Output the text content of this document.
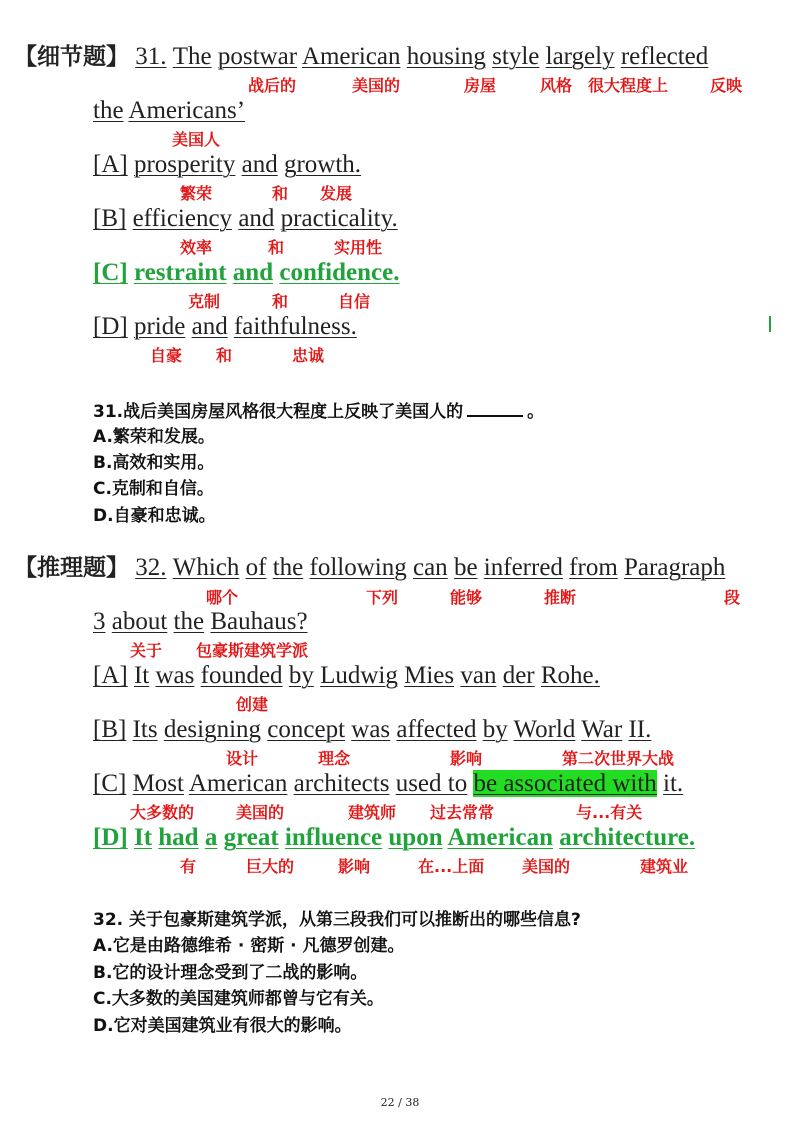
【细节题】 31. The postwar American housing style largely reflected
战后的	美国的	房屋	风格 很大程度上	反映
the Americans’
美国人
[A] prosperity and growth.
繁荣	和 发展
[B] efficiency and practicality.
效率	和	实用性
[C] restraint and confidence.
克制	和	自信
[D] pride and faithfulness.
自豪 和	忠诚
31.战后美国房屋风格很大程度上反映了美国人的	。
A.繁荣和发展。
B.高效和实用。
C.克制和自信。
D.自豪和忠诚。
【推理题】 32. Which of the following can be inferred from Paragraph
哪个	下列	能够	推断	段
3 about the Bauhaus?
关于 包豪斯建筑学派
[A] It was founded by Ludwig Mies van der Rohe.
创建
[B] Its designing concept was affected by World War II.
设计	理念	影响	第二次世界大战
[C] Most American architects used to be associated with it.
大多数的	美国的	建筑师 过去常常	与...有关
[D] It had a great influence upon American architecture.
有	巨大的	影响	在...上面 美国的	建筑业
32. 关于包豪斯建筑学派，从第三段我们可以推断出的哪些信息?
A.它是由路德维希 · 密斯 · 凡德罗创建。
B.它的设计理念受到了二战的影响。
C.大多数的美国建筑师都曾与它有关。
D.它对美国建筑业有很大的影响。
22 / 38
